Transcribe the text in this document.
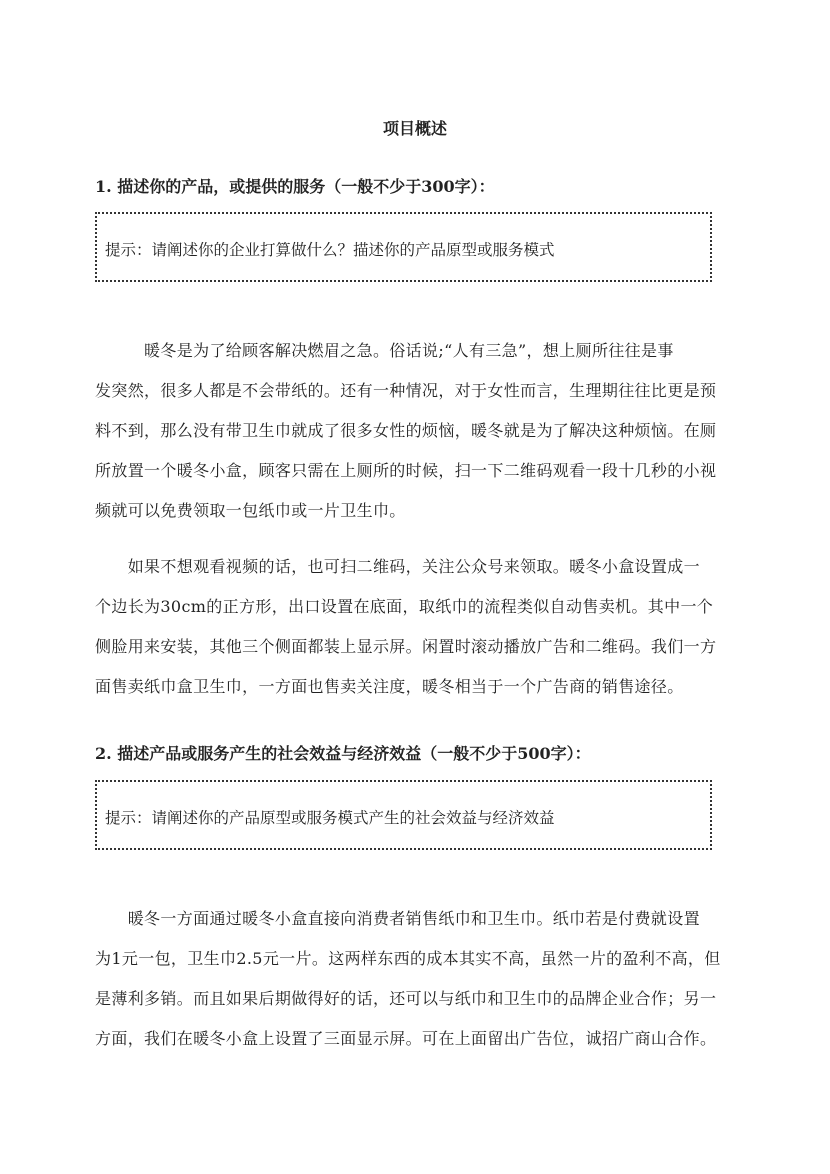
项目概述
1. 描述你的产品，或提供的服务（一般不少于300字）：
提示：请阐述你的企业打算做什么？描述你的产品原型或服务模式
　　　暖冬是为了给顾客解决燃眉之急。俗话说;“人有三急”，想上厕所往往是事
发突然，很多人都是不会带纸的。还有一种情况，对于女性而言，生理期往往比更是预
料不到，那么没有带卫生巾就成了很多女性的烦恼，暖冬就是为了解决这种烦恼。在厕
所放置一个暖冬小盒，顾客只需在上厕所的时候，扫一下二维码观看一段十几秒的小视
频就可以免费领取一包纸巾或一片卫生巾。
　　如果不想观看视频的话，也可扫二维码，关注公众号来领取。暖冬小盒设置成一
个边长为30cm的正方形，出口设置在底面，取纸巾的流程类似自动售卖机。其中一个
侧脸用来安装，其他三个侧面都装上显示屏。闲置时滚动播放广告和二维码。我们一方
面售卖纸巾盒卫生巾，一方面也售卖关注度，暖冬相当于一个广告商的销售途径。
2. 描述产品或服务产生的社会效益与经济效益（一般不少于500字）：
提示：请阐述你的产品原型或服务模式产生的社会效益与经济效益
　　暖冬一方面通过暖冬小盒直接向消费者销售纸巾和卫生巾。纸巾若是付费就设置
为1元一包，卫生巾2.5元一片。这两样东西的成本其实不高，虽然一片的盈利不高，但
是薄利多销。而且如果后期做得好的话，还可以与纸巾和卫生巾的品牌企业合作；另一
方面，我们在暖冬小盒上设置了三面显示屏。可在上面留出广告位，诚招广商山合作。
